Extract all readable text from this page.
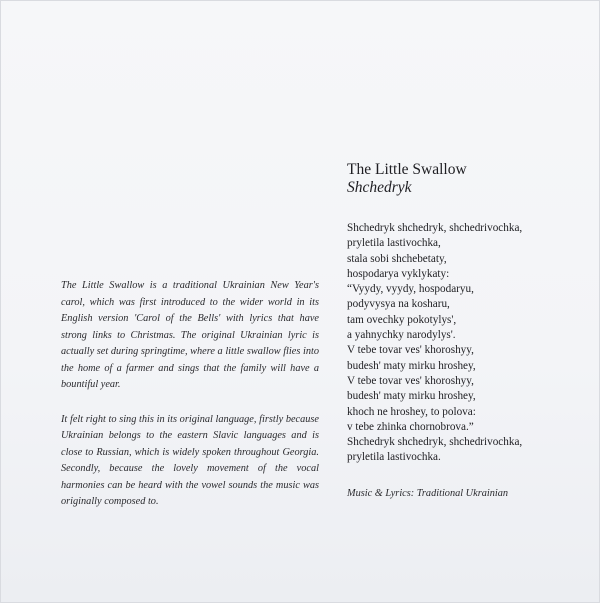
The Little Swallow is a traditional Ukrainian New Year's carol, which was first introduced to the wider world in its English version 'Carol of the Bells' with lyrics that have strong links to Christmas. The original Ukrainian lyric is actually set during springtime, where a little swallow flies into the home of a farmer and sings that the family will have a bountiful year.

It felt right to sing this in its original language, firstly because Ukrainian belongs to the eastern Slavic languages and is close to Russian, which is widely spoken throughout Georgia. Secondly, because the lovely movement of the vocal harmonies can be heard with the vowel sounds the music was originally composed to.

The Little Swallow
Shchedryk
Shchedryk shchedryk, shchedrivochka,
pryletila lastivochka,
stala sobi shchebetaty,
hospodarya vyklykaty:
“Vyydy, vyydy, hospodaryu,
podyvysya na kosharu,
tam ovechky pokotylys',
a yahnychky narodylys'.
V tebe tovar ves' khoroshyy,
budesh' maty mirku hroshey,
V tebe tovar ves' khoroshyy,
budesh' maty mirku hroshey,
khoch ne hroshey, to polova:
v tebe zhinka chornobrova.”
Shchedryk shchedryk, shchedrivochka,
pryletila lastivochka.
Music & Lyrics: Traditional Ukrainian
